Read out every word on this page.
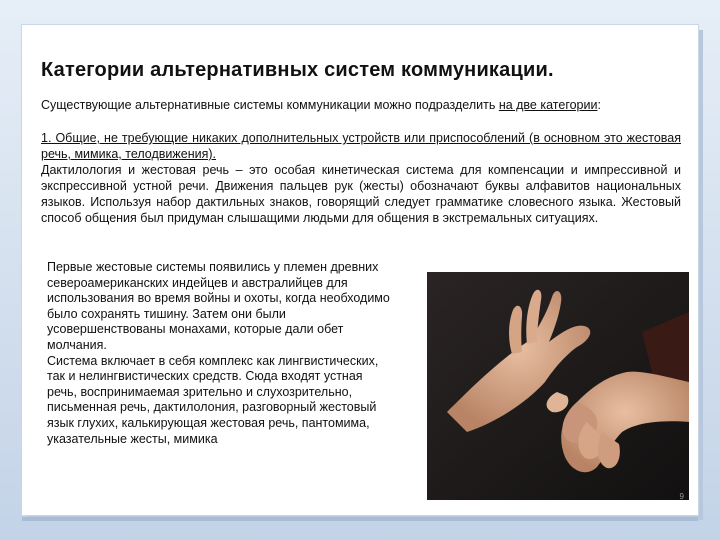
Категории альтернативных систем коммуникации.
Существующие альтернативные системы коммуникации можно подразделить на две категории:
1. Общие, не требующие никаких дополнительных устройств или приспособлений (в основном это жестовая речь, мимика, телодвижения).
Дактилология и жестовая речь – это особая кинетическая система для компенсации и импрессивной и экспрессивной устной речи. Движения пальцев рук (жесты) обозначают буквы алфавитов национальных языков. Используя набор дактильных знаков, говорящий следует грамматике словесного языка. Жестовый способ общения был придуман слышащими людьми для общения в экстремальных ситуациях.

Первые жестовые системы появились у племен древних североамериканских индейцев и австралийцев для использования во время войны и охоты, когда необходимо было сохранять тишину. Затем они были усовершенствованы монахами, которые дали обет молчания.

Система включает в себя комплекс как лингвистических, так и нелингвистических средств. Сюда входят устная речь, воспринимаемая зрительно и слухозрительно, письменная речь, дактилолония, разговорный жестовый язык глухих, калькирующая жестовая речь, пантомима, указательные жесты, мимика

9
